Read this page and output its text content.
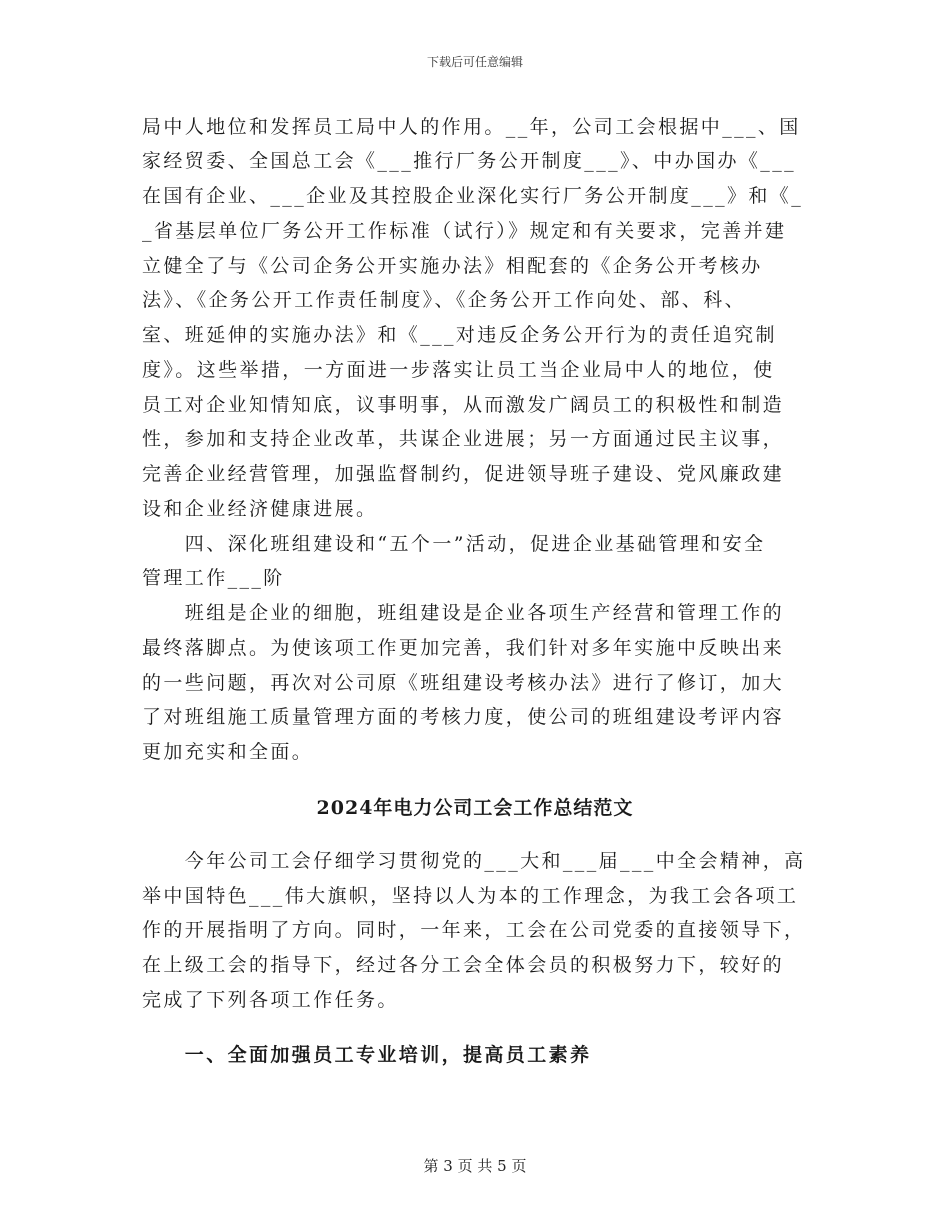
下载后可任意编辑
局中人地位和发挥员工局中人的作用。__年，公司工会根据中___、国
家经贸委、全国总工会《___推行厂务公开制度___》、中办国办《___
在国有企业、___企业及其控股企业深化实行厂务公开制度___》和《_
_省基层单位厂务公开工作标准（试行）》规定和有关要求，完善并建
立健全了与《公司企务公开实施办法》相配套的《企务公开考核办
法》、《企务公开工作责任制度》、《企务公开工作向处、部、科、
室、班延伸的实施办法》和《___对违反企务公开行为的责任追究制
度》。这些举措，一方面进一步落实让员工当企业局中人的地位，使
员工对企业知情知底，议事明事，从而激发广阔员工的积极性和制造
性，参加和支持企业改革，共谋企业进展；另一方面通过民主议事，
完善企业经营管理，加强监督制约，促进领导班子建设、党风廉政建
设和企业经济健康进展。
　　四、深化班组建设和“五个一”活动，促进企业基础管理和安全
管理工作___阶
　　班组是企业的细胞，班组建设是企业各项生产经营和管理工作的
最终落脚点。为使该项工作更加完善，我们针对多年实施中反映出来
的一些问题，再次对公司原《班组建设考核办法》进行了修订，加大
了对班组施工质量管理方面的考核力度，使公司的班组建设考评内容
更加充实和全面。
2024年电力公司工会工作总结范文
　　今年公司工会仔细学习贯彻党的___大和___届___中全会精神，高
举中国特色___伟大旗帜，坚持以人为本的工作理念，为我工会各项工
作的开展指明了方向。同时，一年来，工会在公司党委的直接领导下，
在上级工会的指导下，经过各分工会全体会员的积极努力下，较好的
完成了下列各项工作任务。
　　一、全面加强员工专业培训，提高员工素养
第 3 页 共 5 页
